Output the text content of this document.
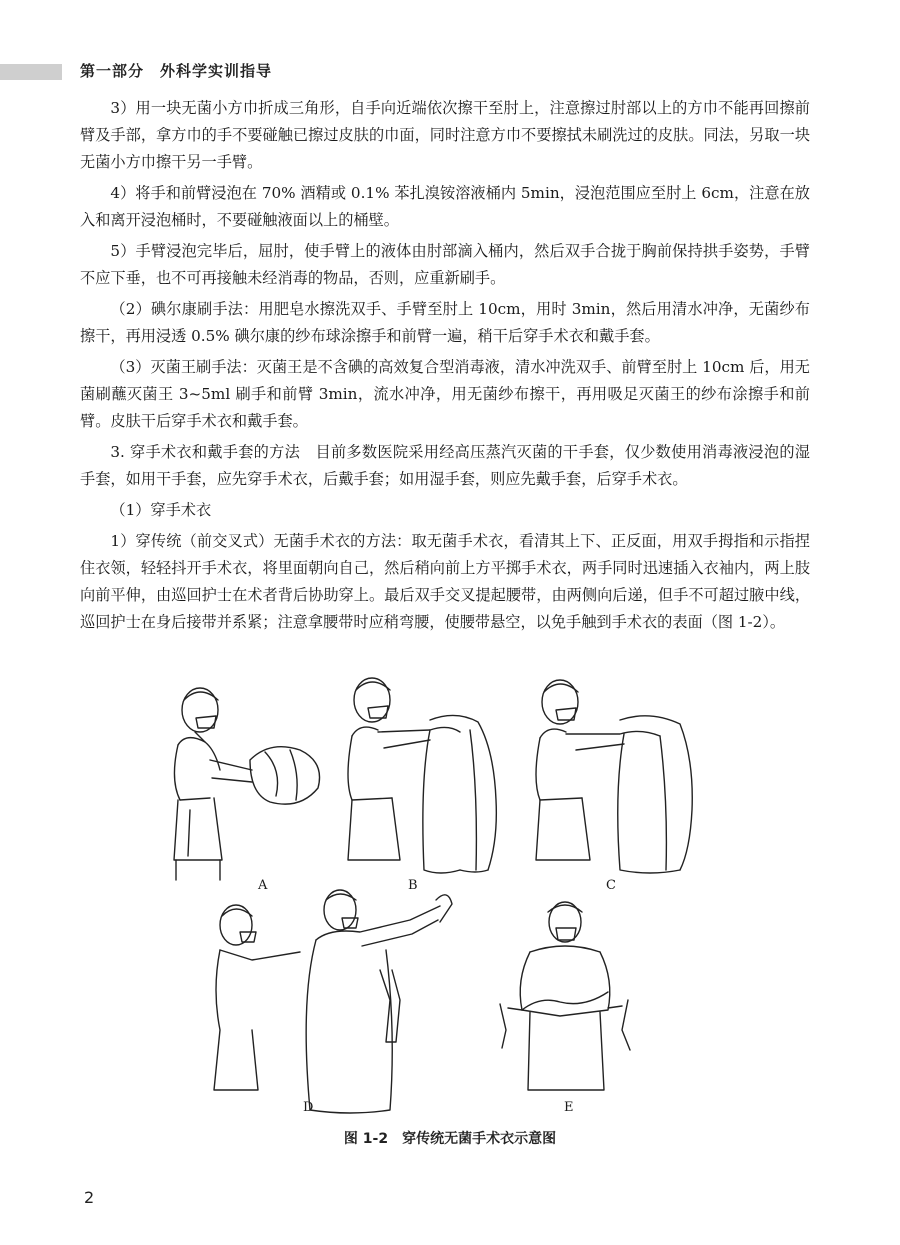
第一部分　外科学实训指导

3）用一块无菌小方巾折成三角形，自手向近端依次擦干至肘上，注意擦过肘部以上的方巾不能再回擦前臂及手部，拿方巾的手不要碰触已擦过皮肤的巾面，同时注意方巾不要擦拭未刷洗过的皮肤。同法，另取一块无菌小方巾擦干另一手臂。

4）将手和前臂浸泡在 70% 酒精或 0.1% 苯扎溴铵溶液桶内 5min，浸泡范围应至肘上 6cm，注意在放入和离开浸泡桶时，不要碰触液面以上的桶壁。

5）手臂浸泡完毕后，屈肘，使手臂上的液体由肘部滴入桶内，然后双手合拢于胸前保持拱手姿势，手臂不应下垂，也不可再接触未经消毒的物品，否则，应重新刷手。

（2）碘尔康刷手法：用肥皂水擦洗双手、手臂至肘上 10cm，用时 3min，然后用清水冲净，无菌纱布擦干，再用浸透 0.5% 碘尔康的纱布球涂擦手和前臂一遍，稍干后穿手术衣和戴手套。

（3）灭菌王刷手法：灭菌王是不含碘的高效复合型消毒液，清水冲洗双手、前臂至肘上 10cm 后，用无菌刷蘸灭菌王 3~5ml 刷手和前臂 3min，流水冲净，用无菌纱布擦干，再用吸足灭菌王的纱布涂擦手和前臂。皮肤干后穿手术衣和戴手套。

3. 穿手术衣和戴手套的方法　目前多数医院采用经高压蒸汽灭菌的干手套，仅少数使用消毒液浸泡的湿手套，如用干手套，应先穿手术衣，后戴手套；如用湿手套，则应先戴手套，后穿手术衣。

（1）穿手术衣

1）穿传统（前交叉式）无菌手术衣的方法：取无菌手术衣，看清其上下、正反面，用双手拇指和示指捏住衣领，轻轻抖开手术衣，将里面朝向自己，然后稍向前上方平掷手术衣，两手同时迅速插入衣袖内，两上肢向前平伸，由巡回护士在术者背后协助穿上。最后双手交叉提起腰带，由两侧向后递，但手不可超过腋中线，巡回护士在身后接带并系紧；注意拿腰带时应稍弯腰，使腰带悬空，以免手触到手术衣的表面（图 1-2）。

A	B	C
D	E
图 1-2　穿传统无菌手术衣示意图
2
